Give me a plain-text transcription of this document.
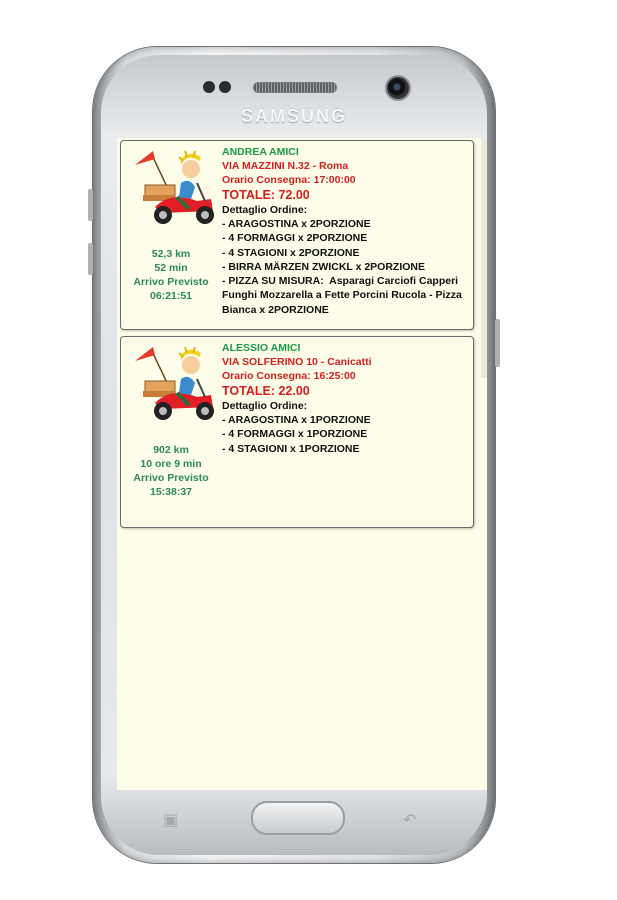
SAMSUNG
52,3 km
52 min
Arrivo Previsto
06:21:51
ANDREA AMICI
VIA MAZZINI N.32 - Roma
Orario Consegna: 17:00:00
TOTALE: 72.00
Dettaglio Ordine:
- ARAGOSTINA x 2PORZIONE
- 4 FORMAGGI x 2PORZIONE
- 4 STAGIONI x 2PORZIONE
- BIRRA MÄRZEN ZWICKL x 2PORZIONE
- PIZZA SU MISURA:  Asparagi Carciofi Capperi Funghi Mozzarella a Fette Porcini Rucola - Pizza Bianca x 2PORZIONE
902 km
10 ore 9 min
Arrivo Previsto
15:38:37
ALESSIO AMICI
VIA SOLFERINO 10 - Canicatti
Orario Consegna: 16:25:00
TOTALE: 22.00
Dettaglio Ordine:
- ARAGOSTINA x 1PORZIONE
- 4 FORMAGGI x 1PORZIONE
- 4 STAGIONI x 1PORZIONE
▣	↶
